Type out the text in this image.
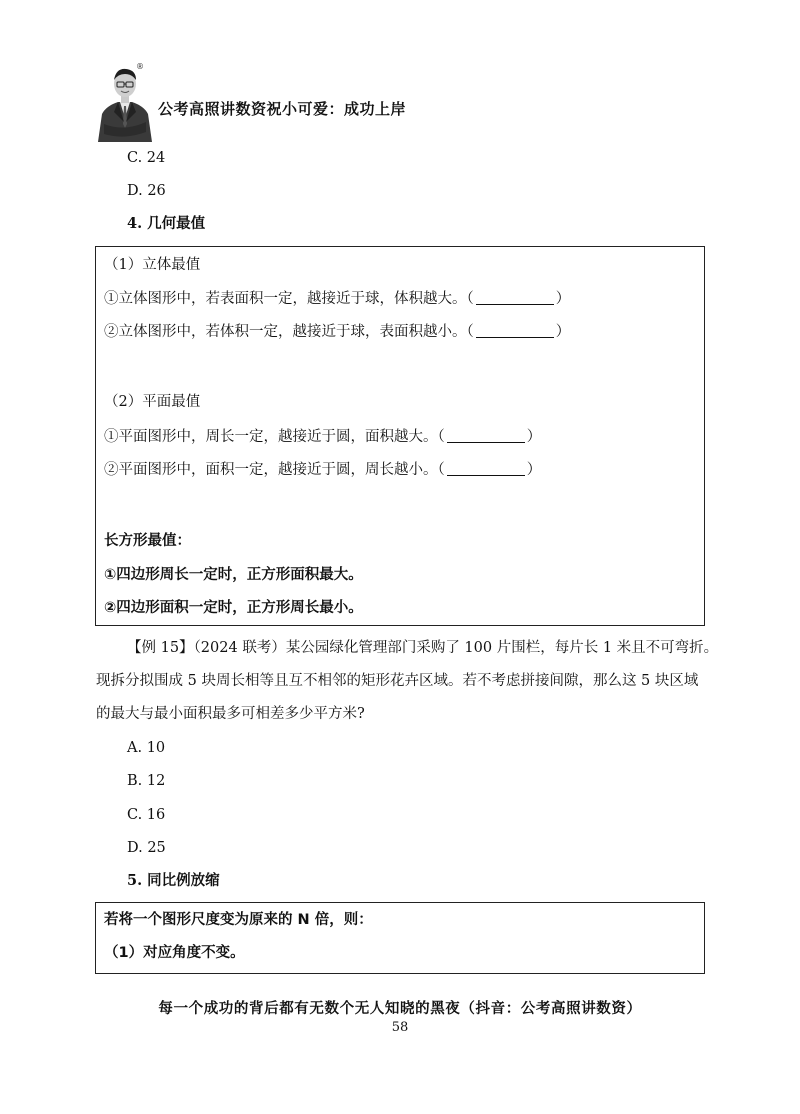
®
公考高照讲数资祝小可爱：成功上岸
C. 24
D. 26
4. 几何最值
（1）立体最值
①立体图形中，若表面积一定，越接近于球，体积越大。（	）
②立体图形中，若体积一定，越接近于球，表面积越小。（	）
（2）平面最值
①平面图形中，周长一定，越接近于圆，面积越大。（	）
②平面图形中，面积一定，越接近于圆，周长越小。（	）
长方形最值：
①四边形周长一定时，正方形面积最大。
②四边形面积一定时，正方形周长最小。
【例 15】（2024 联考）某公园绿化管理部门采购了 100 片围栏，每片长 1 米且不可弯折。
现拆分拟围成 5 块周长相等且互不相邻的矩形花卉区域。若不考虑拼接间隙，那么这 5 块区域
的最大与最小面积最多可相差多少平方米?
A. 10
B. 12
C. 16
D. 25
5. 同比例放缩
若将一个图形尺度变为原来的 N 倍，则：
（1）对应角度不变。
每一个成功的背后都有无数个无人知晓的黑夜（抖音：公考高照讲数资）
58
